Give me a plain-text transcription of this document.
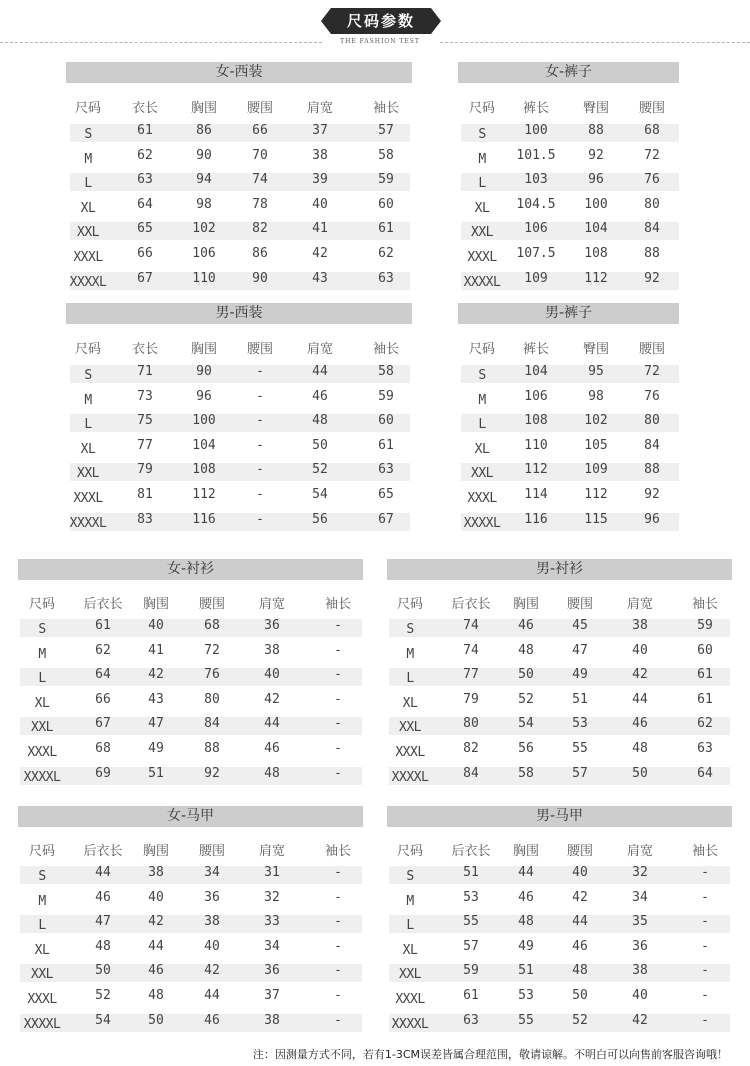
尺码参数
THE FASHION TEST
女-西装
尺码	衣长	胸围	腰围	肩宽	袖长
S	61	86	66	37	57
M	62	90	70	38	58
L	63	94	74	39	59
XL	64	98	78	40	60
XXL	65	102	82	41	61
XXXL	66	106	86	42	62
XXXXL	67	110	90	43	63
女-裤子
尺码	裤长	臀围	腰围
S	100	88	68
M	101.5	92	72
L	103	96	76
XL	104.5	100	80
XXL	106	104	84
XXXL	107.5	108	88
XXXXL	109	112	92
男-西装
尺码	衣长	胸围	腰围	肩宽	袖长
S	71	90	-	44	58
M	73	96	-	46	59
L	75	100	-	48	60
XL	77	104	-	50	61
XXL	79	108	-	52	63
XXXL	81	112	-	54	65
XXXXL	83	116	-	56	67
男-裤子
尺码	裤长	臀围	腰围
S	104	95	72
M	106	98	76
L	108	102	80
XL	110	105	84
XXL	112	109	88
XXXL	114	112	92
XXXXL	116	115	96
女-衬衫
尺码	后衣长	胸围	腰围	肩宽	袖长
S	61	40	68	36	-
M	62	41	72	38	-
L	64	42	76	40	-
XL	66	43	80	42	-
XXL	67	47	84	44	-
XXXL	68	49	88	46	-
XXXXL	69	51	92	48	-
男-衬衫
尺码	后衣长	胸围	腰围	肩宽	袖长
S	74	46	45	38	59
M	74	48	47	40	60
L	77	50	49	42	61
XL	79	52	51	44	61
XXL	80	54	53	46	62
XXXL	82	56	55	48	63
XXXXL	84	58	57	50	64
女-马甲
尺码	后衣长	胸围	腰围	肩宽	袖长
S	44	38	34	31	-
M	46	40	36	32	-
L	47	42	38	33	-
XL	48	44	40	34	-
XXL	50	46	42	36	-
XXXL	52	48	44	37	-
XXXXL	54	50	46	38	-
男-马甲
尺码	后衣长	胸围	腰围	肩宽	袖长
S	51	44	40	32	-
M	53	46	42	34	-
L	55	48	44	35	-
XL	57	49	46	36	-
XXL	59	51	48	38	-
XXXL	61	53	50	40	-
XXXXL	63	55	52	42	-
注：因测量方式不同，若有1-3CM误差皆属合理范围，敬请谅解。不明白可以向售前客服咨询哦！
